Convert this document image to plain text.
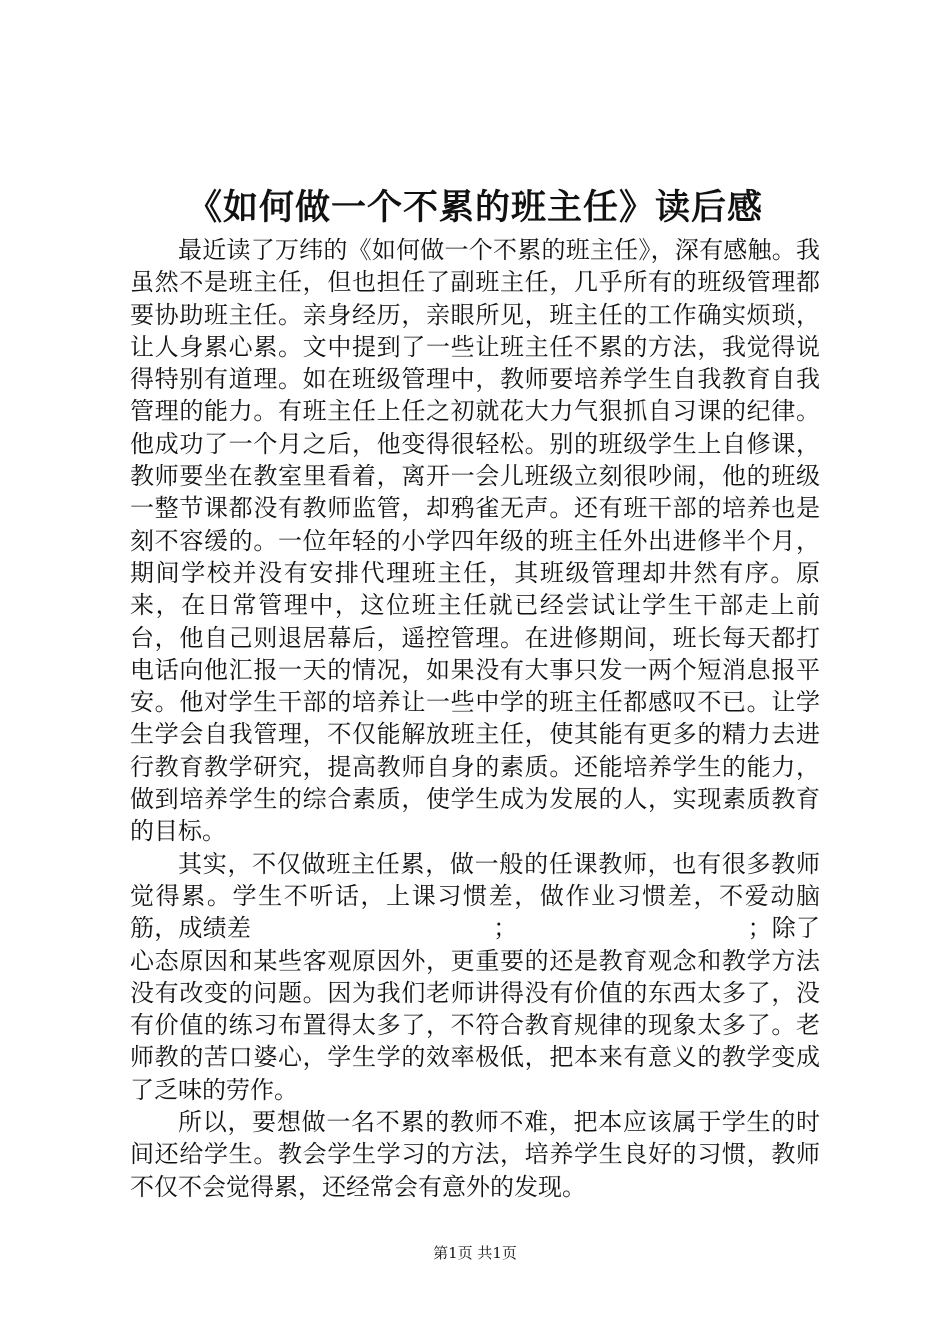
《如何做一个不累的班主任》读后感

最近读了万纬的《如何做一个不累的班主任》，深有感触。我虽然不是班主任，但也担任了副班主任，几乎所有的班级管理都要协助班主任。亲身经历，亲眼所见，班主任的工作确实烦琐，让人身累心累。文中提到了一些让班主任不累的方法，我觉得说得特别有道理。如在班级管理中，教师要培养学生自我教育自我管理的能力。有班主任上任之初就花大力气狠抓自习课的纪律。他成功了一个月之后，他变得很轻松。别的班级学生上自修课，教师要坐在教室里看着，离开一会儿班级立刻很吵闹，他的班级一整节课都没有教师监管，却鸦雀无声。还有班干部的培养也是刻不容缓的。一位年轻的小学四年级的班主任外出进修半个月，期间学校并没有安排代理班主任，其班级管理却井然有序。原来，在日常管理中，这位班主任就已经尝试让学生干部走上前台，他自己则退居幕后，遥控管理。在进修期间，班长每天都打电话向他汇报一天的情况，如果没有大事只发一两个短消息报平安。他对学生干部的培养让一些中学的班主任都感叹不已。让学生学会自我管理，不仅能解放班主任，使其能有更多的精力去进行教育教学研究，提高教师自身的素质。还能培养学生的能力，做到培养学生的综合素质，使学生成为发展的人，实现素质教育的目标。

其实，不仅做班主任累，做一般的任课教师，也有很多教师觉得累。学生不听话，上课习惯差，做作业习惯差，不爱动脑筋，成绩差　　　　　　　　　　；　　　　　　　　　　；除了心态原因和某些客观原因外，更重要的还是教育观念和教学方法没有改变的问题。因为我们老师讲得没有价值的东西太多了，没有价值的练习布置得太多了，不符合教育规律的现象太多了。老师教的苦口婆心，学生学的效率极低，把本来有意义的教学变成了乏味的劳作。

所以，要想做一名不累的教师不难，把本应该属于学生的时间还给学生。教会学生学习的方法，培养学生良好的习惯，教师不仅不会觉得累，还经常会有意外的发现。

第1页 共1页
